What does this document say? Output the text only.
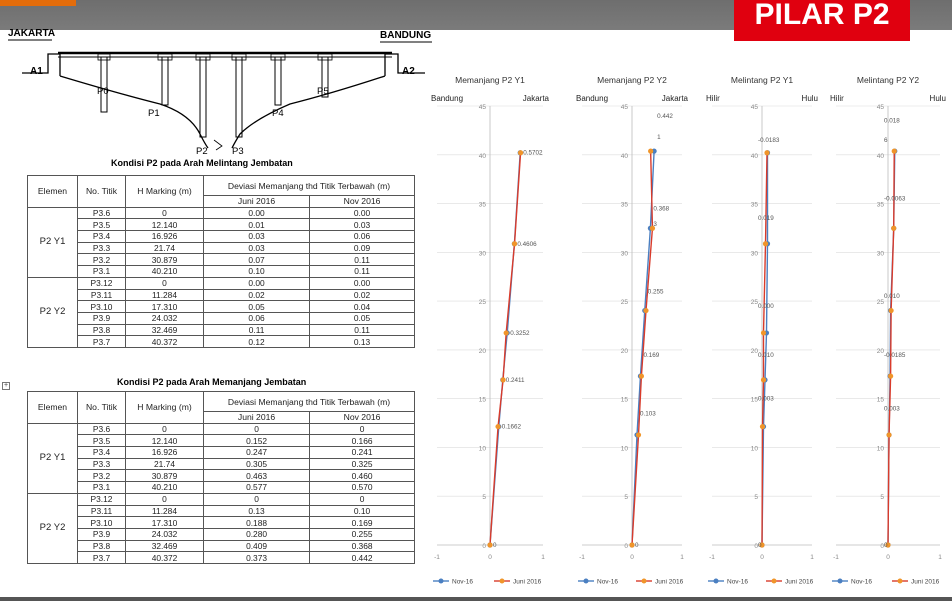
PILAR P2
JAKARTA	BANDUNG
A1	A2
P0
P1
P2	P3
P4
P5
Kondisi P2 pada Arah Melintang Jembatan
Elemen	No. Titik	H Marking (m)	Deviasi Memanjang thd Titik Terbawah (m)	
			Juni 2016	Nov 2016
P2 Y1	P3.6	0	0.00	0.00
	P3.5	12.140	0.01	0.03
	P3.4	16.926	0.03	0.06
	P3.3	21.74	0.03	0.09
	P3.2	30.879	0.07	0.11
	P3.1	40.210	0.10	0.11
P2 Y2	P3.12	0	0.00	0.00
	P3.11	11.284	0.02	0.02
	P3.10	17.310	0.05	0.04
	P3.9	24.032	0.06	0.05
	P3.8	32.469	0.11	0.11
	P3.7	40.372	0.12	0.13
Kondisi P2 pada Arah Memanjang Jembatan
Elemen	No. Titik	H Marking (m)	Deviasi Memanjang thd Titik Terbawah (m)	
			Juni 2016	Nov 2016
P2 Y1	P3.6	0	0	0
	P3.5	12.140	0.152	0.166
	P3.4	16.926	0.247	0.241
	P3.3	21.74	0.305	0.325
	P3.2	30.879	0.463	0.460
	P3.1	40.210	0.577	0.570
P2 Y2	P3.12	0	0	0
	P3.11	11.284	0.13	0.10
	P3.10	17.310	0.188	0.169
	P3.9	24.032	0.280	0.255
	P3.8	32.469	0.409	0.368
	P3.7	40.372	0.373	0.442
+
Memanjang P2 Y1
Bandung	Jakarta
0
5
10
15
20
25
30
35
40
45
-1	0	1
0.5702
0.4606
0.3252
0.2411
0.1662
0
Nov-16	Juni 2016
Memanjang P2 Y2
Bandung	Jakarta
0
5
10
15
20
25
30
35
40
45
-1	0	1
0.442
1
0.368
3
0.255
0.169
0.103
0
Nov-16	Juni 2016
Melintang P2 Y1
Hilir	Hulu
0
5
10
15
20
25
30
35
40
45
-1	0	1
-0.0183
0.019
0.000
0.010
0.003
0
Nov-16	Juni 2016
Melintang P2 Y2
Hilir	Hulu
0
5
10
15
20
25
30
35
40
45
-1	0	1
0.018
6
-0.0063
0.010
-0.0185
0.003
0
Nov-16	Juni 2016
